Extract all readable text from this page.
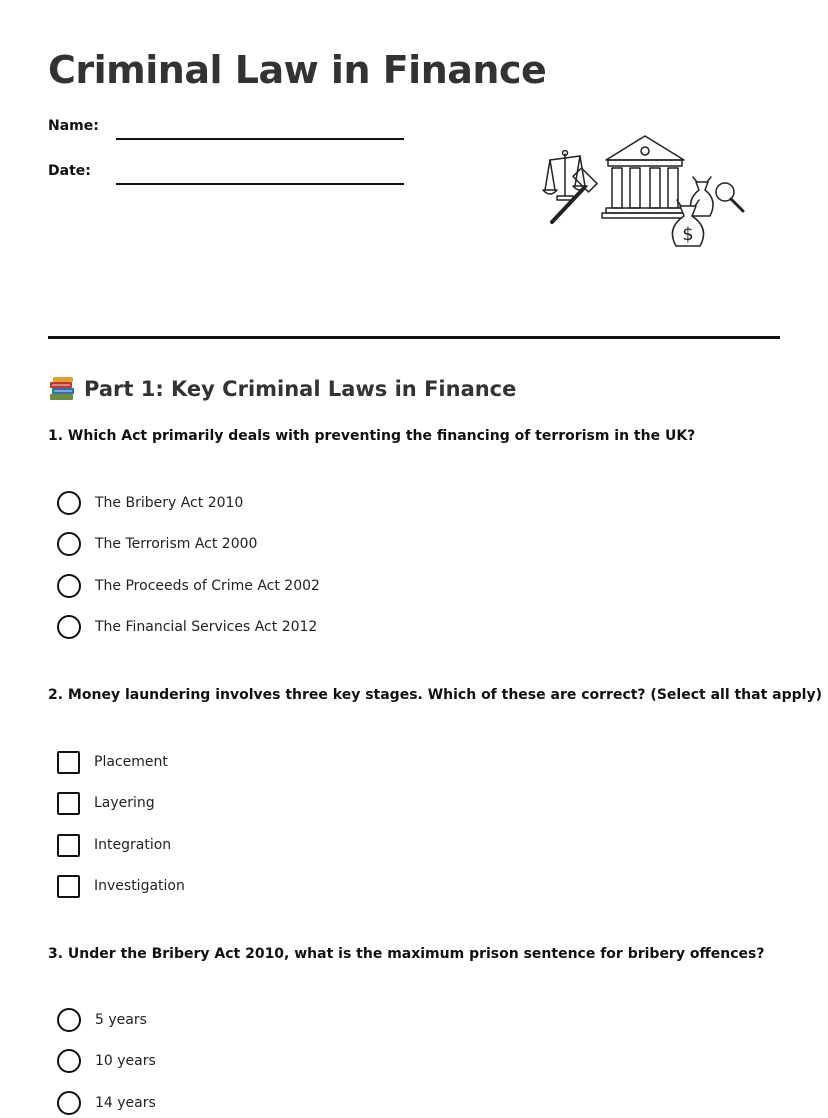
Criminal Law in Finance
Name:
Date:
$
Part 1: Key Criminal Laws in Finance
1. Which Act primarily deals with preventing the financing of terrorism in the UK?
The Bribery Act 2010
The Terrorism Act 2000
The Proceeds of Crime Act 2002
The Financial Services Act 2012
2. Money laundering involves three key stages. Which of these are correct? (Select all that apply)
Placement
Layering
Integration
Investigation
3. Under the Bribery Act 2010, what is the maximum prison sentence for bribery offences?
5 years
10 years
14 years
